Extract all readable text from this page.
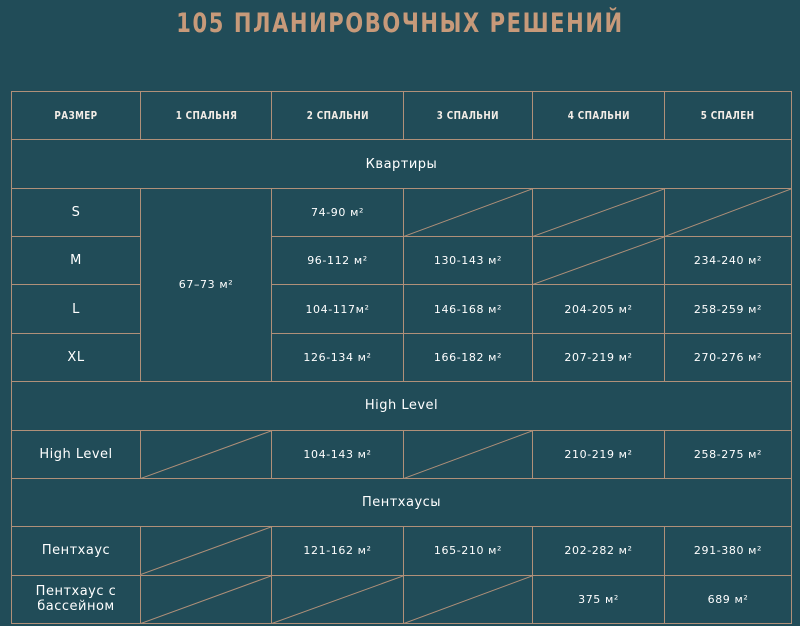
105 ПЛАНИРОВОЧНЫХ РЕШЕНИЙ
РАЗМЕР	1 СПАЛЬНЯ	2 СПАЛЬНИ	3 СПАЛЬНИ	4 СПАЛЬНИ	5 СПАЛЕН
Квартиры					
S	67–73 м²	74-90 м²	

M		96-112 м²	130-143 м²		234-240 м²
L		104-117м²	146-168 м²	204-205 м²	258-259 м²
XL		126-134 м²	166-182 м²	207-219 м²	270-276 м²
High Level					
High Level		104-143 м²		210-219 м²	258-275 м²
Пентхаусы					
Пентхаус		121-162 м²	165-210 м²	202-282 м²	291-380 м²

Пентхаус с
бассейном				375 м²	689 м²
